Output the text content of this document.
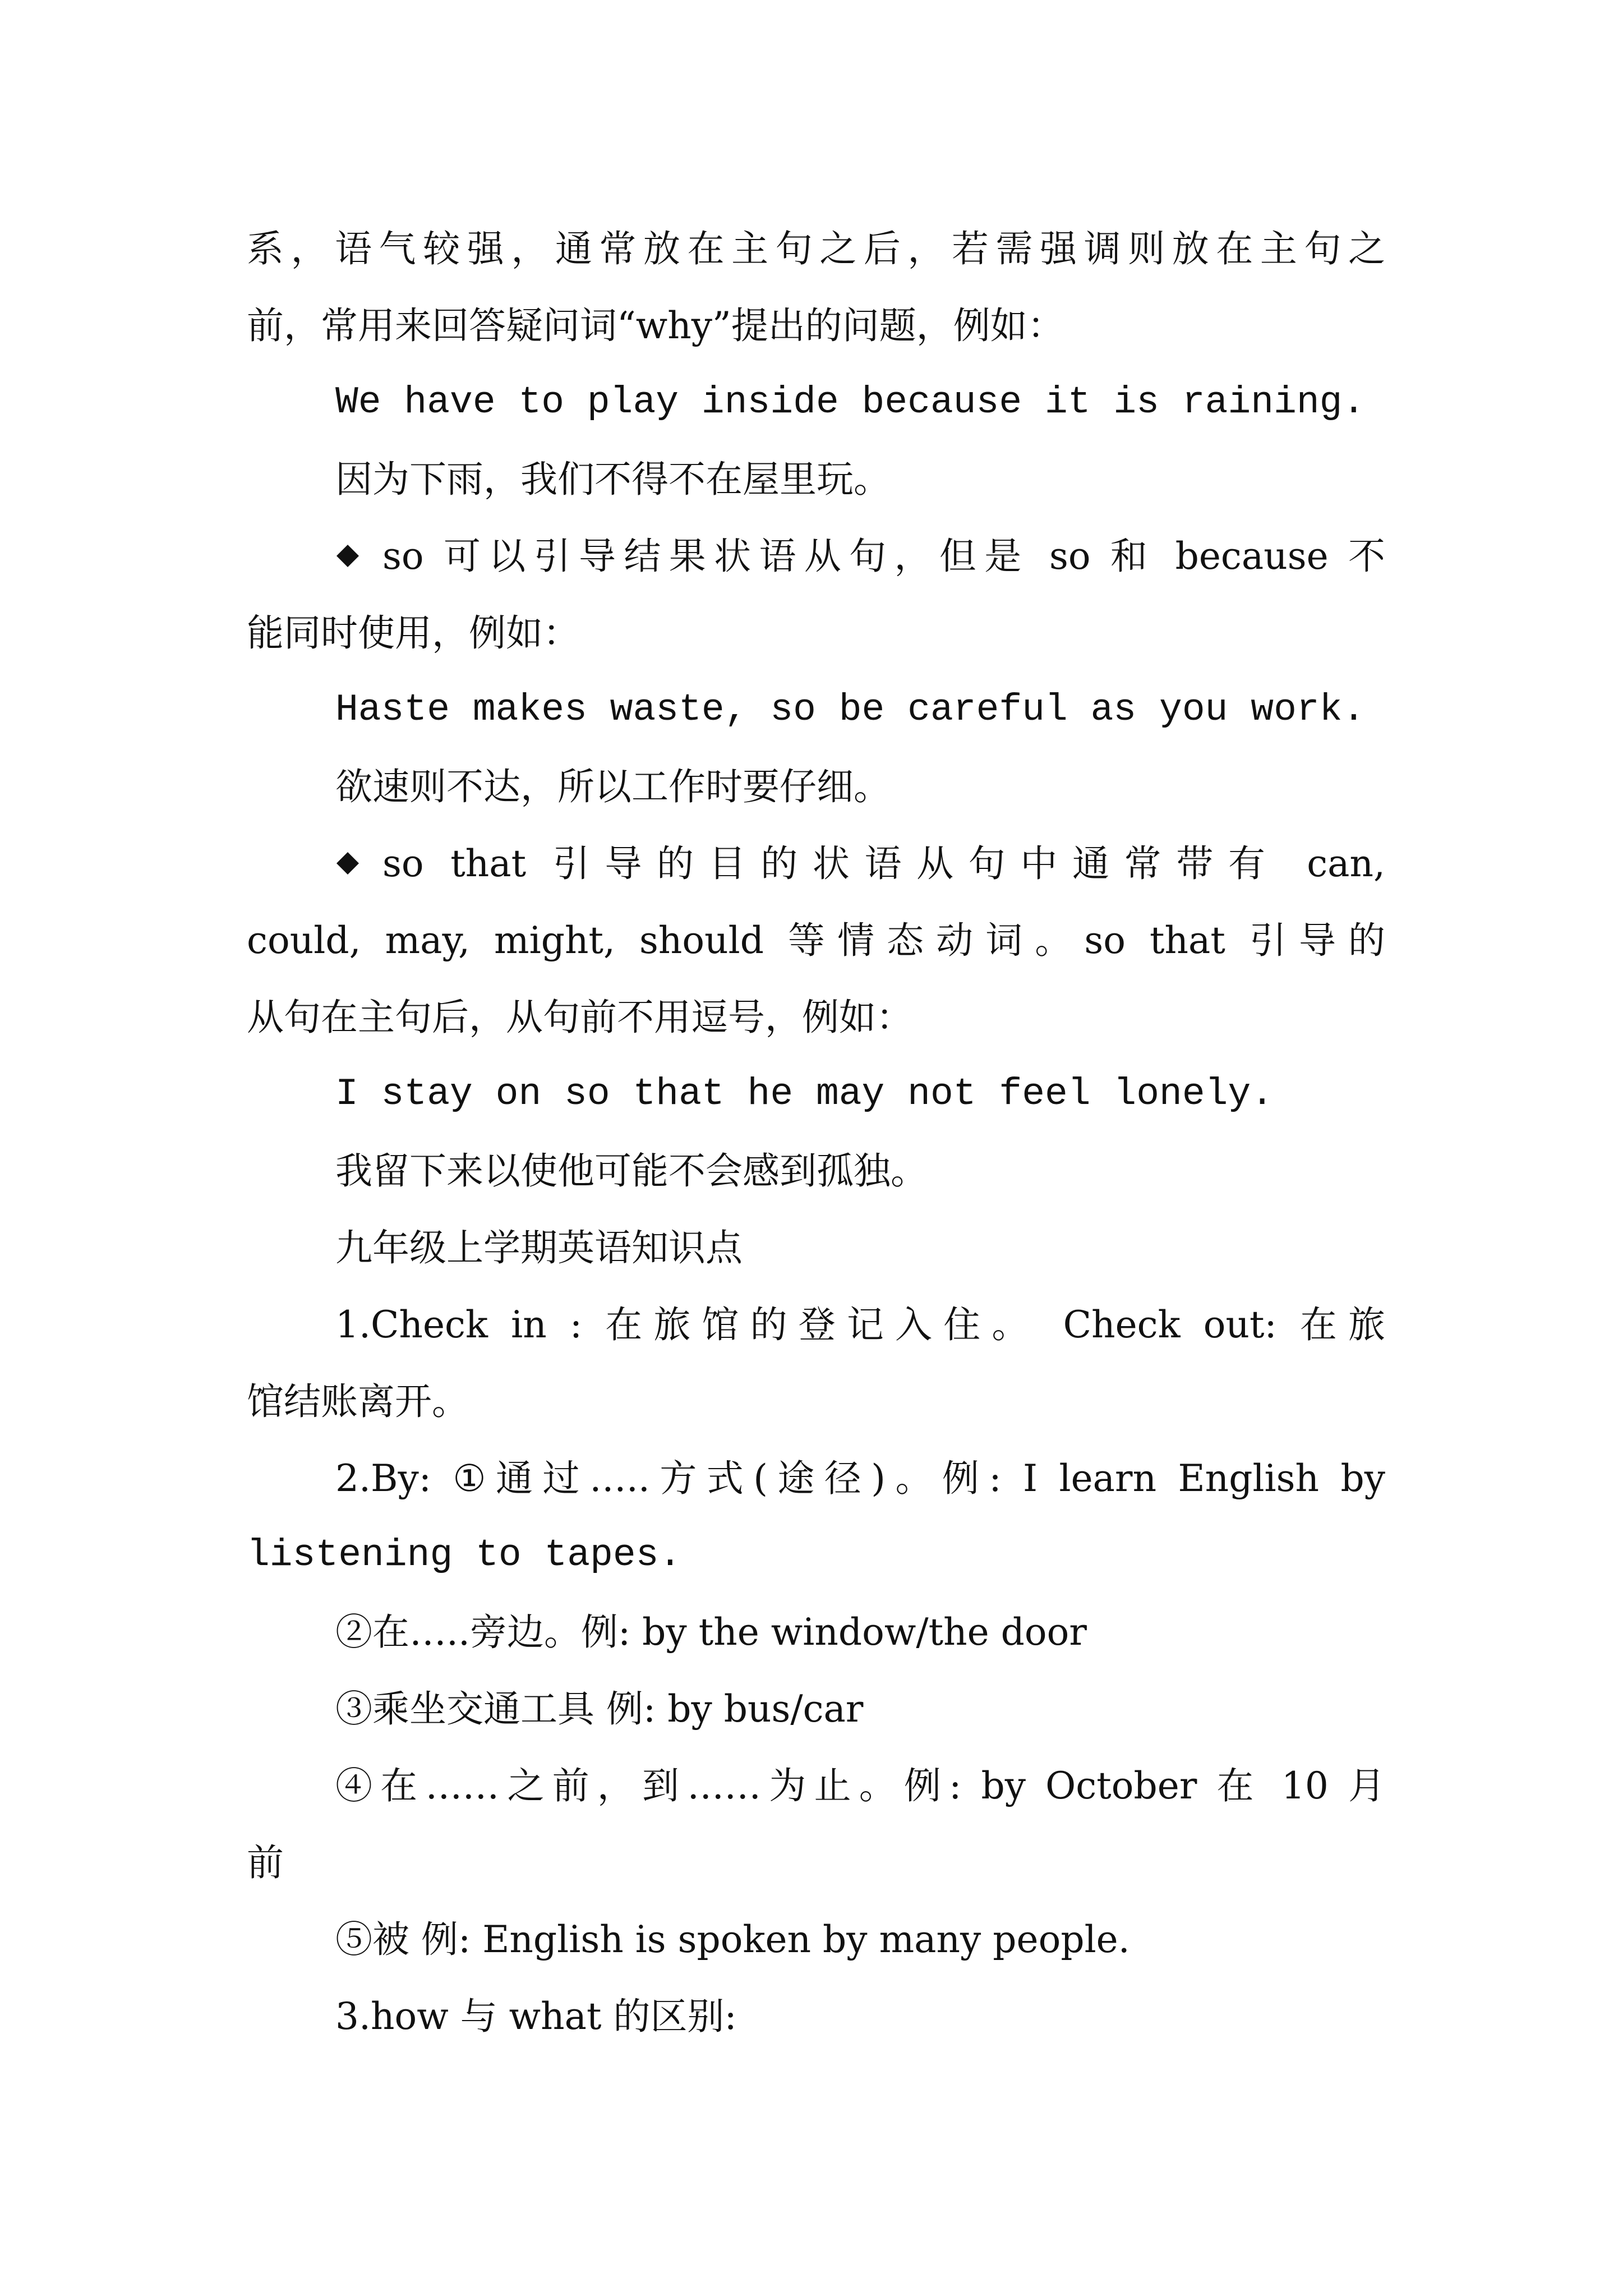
系，语气较强，通常放在主句之后，若需强调则放在主句之
前，常用来回答疑问词“why”提出的问题，例如：
We have to play inside because it is raining.
因为下雨，我们不得不在屋里玩。
so 可以引导结果状语从句，但是 so 和 because 不
能同时使用，例如：
Haste makes waste, so be careful as you work.
欲速则不达，所以工作时要仔细。
so that 引导的目的状语从句中通常带有 can,
could, may, might, should 等情态动词。so that 引导的
从句在主句后，从句前不用逗号，例如：
I stay on so that he may not feel lonely.
我留下来以使他可能不会感到孤独。
九年级上学期英语知识点
1.Check in : 在旅馆的登记入住。 Check out: 在旅
馆结账离开。
2.By: ①通过…..方式(途径)。例: I learn English by
listening to tapes.
②在…..旁边。例: by the window/the door
③乘坐交通工具 例: by bus/car
④在……之前，到……为止。例: by October 在 10 月
前
⑤被 例: English is spoken by many people.
3.how 与 what 的区别:
